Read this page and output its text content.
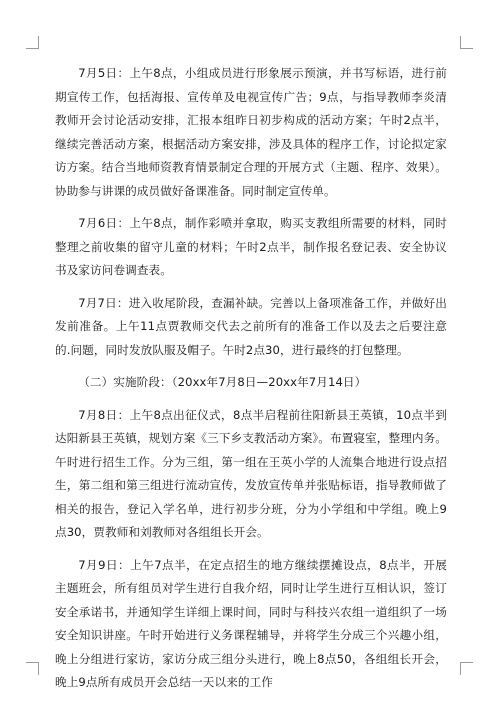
7月5日：上午8点，小组成员进行形象展示预演，并书写标语，进行前期宣传工作，包括海报、宣传单及电视宣传广告；9点，与指导教师李炎清教师开会讨论活动安排，汇报本组昨日初步构成的活动方案；午时2点半，继续完善活动方案，根据活动方案安排，涉及具体的程序工作，讨论拟定家访方案。结合当地师资教育情景制定合理的开展方式（主题、程序、效果）。协助参与讲课的成员做好备课准备。同时制定宣传单。

7月6日：上午8点，制作彩喷并拿取，购买支教组所需要的材料，同时整理之前收集的留守儿童的材料；午时2点半，制作报名登记表、安全协议书及家访问卷调查表。

7月7日：进入收尾阶段，查漏补缺。完善以上备项准备工作，并做好出发前准备。上午11点贾教师交代去之前所有的准备工作以及去之后要注意的.问题，同时发放队服及帽子。午时2点30，进行最终的打包整理。

（二）实施阶段：（20xx年7月8日—20xx年7月14日）

7月8日：上午8点出征仪式，8点半启程前往阳新县王英镇，10点半到达阳新县王英镇，规划方案《三下乡支教活动方案》。布置寝室，整理内务。午时进行招生工作。分为三组，第一组在王英小学的人流集合地进行设点招生，第二组和第三组进行流动宣传，发放宣传单并张贴标语，指导教师做了相关的报告，登记入学名单，进行初步分班，分为小学组和中学组。晚上9点30，贾教师和刘教师对各组组长开会。

7月9日：上午7点半，在定点招生的地方继续摆摊设点，8点半，开展主题班会，所有组员对学生进行自我介绍，同时让学生进行互相认识，签订安全承诺书，并通知学生详细上课时间，同时与科技兴农组一道组织了一场安全知识讲座。午时开始进行义务课程辅导，并将学生分成三个兴趣小组，晚上分组进行家访，家访分成三组分头进行，晚上8点50，各组组长开会，晚上9点所有成员开会总结一天以来的工作
